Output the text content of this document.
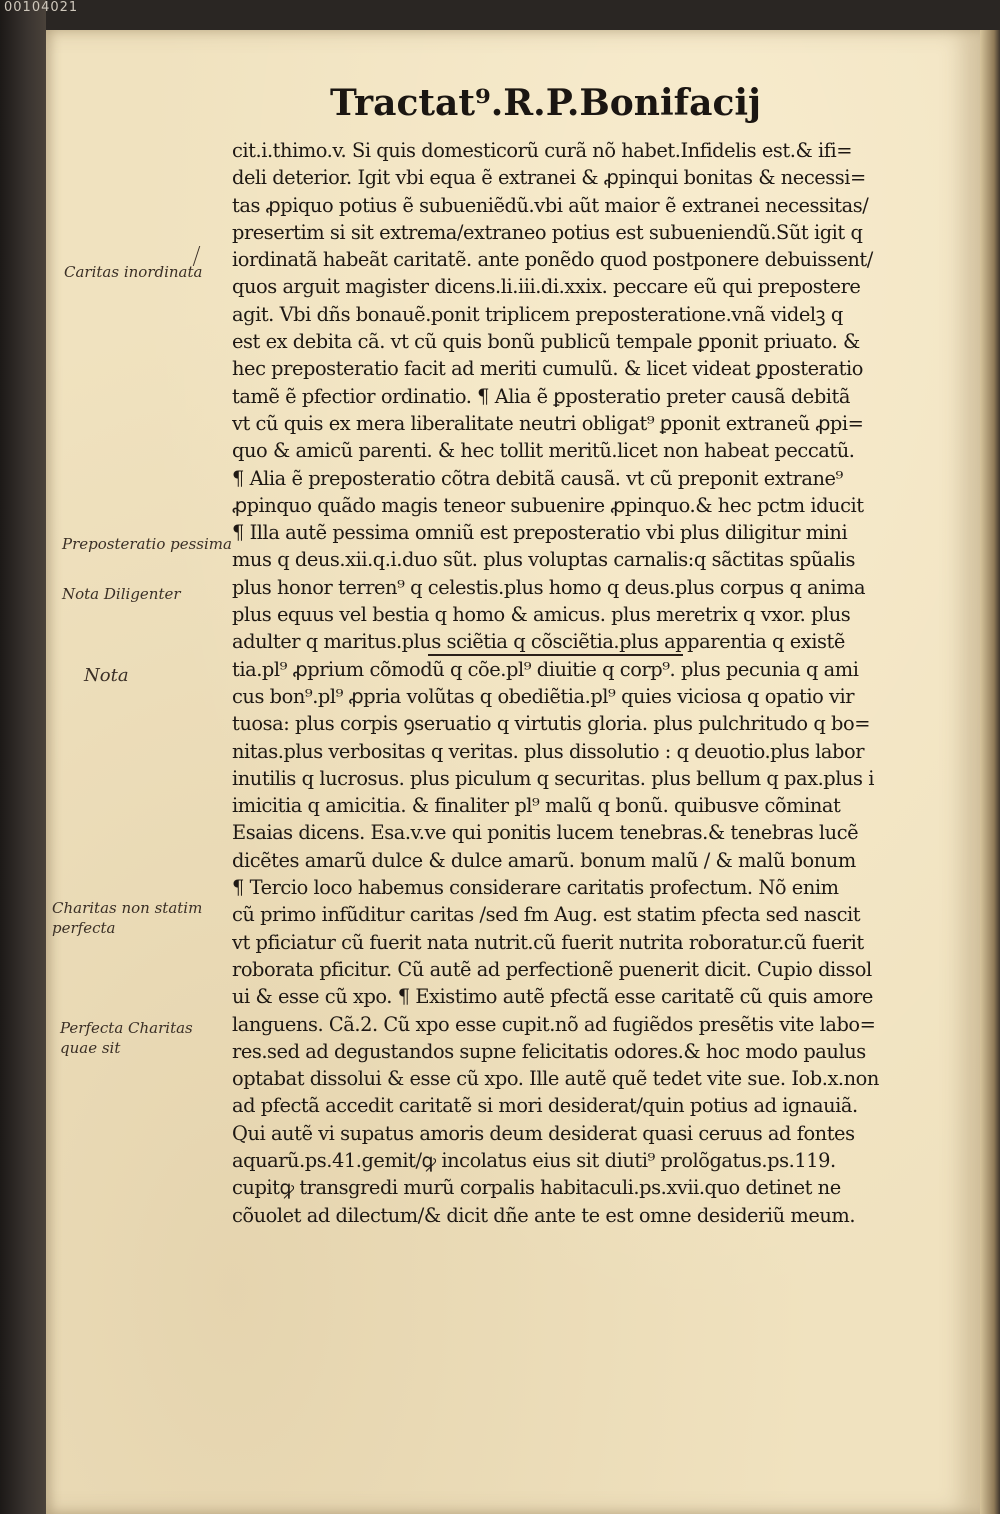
00104021
Tractat⁹.R.P.Bonifacij
cit.i.thimo.v. Si quis domesticorũ curã nõ habet.Infidelis est.& ifi=
deli deterior. Igit vbi equa ẽ extranei & ꝓpinqui bonitas & necessi=
tas ꝓpiquo potius ẽ subueniẽdũ.vbi aũt maior ẽ extranei necessitas/
presertim si sit extrema/extraneo potius est subueniendũ.Sũt igit q
iordinatã habeãt caritatẽ. ante ponẽdo quod postponere debuissent/
quos arguit magister dicens.li.iii.di.xxix. peccare eũ qui prepostere
agit. Vbi dñs bonauẽ.ponit triplicem preposteratione.vnã videlꝫ q
est ex debita cã. vt cũ quis bonũ publicũ tempale ꝑponit priuato. &
hec preposteratio facit ad meriti cumulũ. & licet videat ꝑposteratio
tamẽ ẽ pfectior ordinatio. ¶ Alia ẽ ꝑposteratio preter causã debitã
vt cũ quis ex mera liberalitate neutri obligat⁹ ꝑponit extraneũ ꝓpi=
quo & amicũ parenti. & hec tollit meritũ.licet non habeat peccatũ.
¶ Alia ẽ preposteratio cõtra debitã causã. vt cũ preponit extrane⁹
ꝓpinquo quãdo magis teneor subuenire ꝓpinquo.& hec pctm iducit
¶ Illa autẽ pessima omniũ est preposteratio vbi plus diligitur mini
mus q deus.xii.q.i.duo sũt. plus voluptas carnalis:q sãctitas spũalis
plus honor terren⁹ q celestis.plus homo q deus.plus corpus q anima
plus equus vel bestia q homo & amicus. plus meretrix q vxor. plus
adulter q maritus.plus sciẽtia q cõsciẽtia.plus apparentia q existẽ
tia.pl⁹ ꝓprium cõmodũ q cõe.pl⁹ diuitie q corp⁹. plus pecunia q ami
cus bon⁹.pl⁹ ꝓpria volũtas q obediẽtia.pl⁹ quies viciosa q opatio vir
tuosa: plus corpis ꝯseruatio q virtutis gloria. plus pulchritudo q bo=
nitas.plus verbositas q veritas. plus dissolutio : q deuotio.plus labor
inutilis q lucrosus. plus piculum q securitas. plus bellum q pax.plus i
imicitia q amicitia. & finaliter pl⁹ malũ q bonũ. quibusve cõminat
Esaias dicens. Esa.v.ve qui ponitis lucem tenebras.& tenebras lucẽ
dicẽtes amarũ dulce & dulce amarũ. bonum malũ / & malũ bonum
¶ Tercio loco habemus considerare caritatis profectum. Nõ enim
cũ primo infũditur caritas /sed fm Aug. est statim pfecta sed nascit
vt pficiatur cũ fuerit nata nutrit.cũ fuerit nutrita roboratur.cũ fuerit
roborata pficitur. Cũ autẽ ad perfectionẽ puenerit dicit. Cupio dissol
ui & esse cũ xpo. ¶ Existimo autẽ pfectã esse caritatẽ cũ quis amore
languens. Cã.2. Cũ xpo esse cupit.nõ ad fugiẽdos presẽtis vite labo=
res.sed ad degustandos supne felicitatis odores.& hoc modo paulus
optabat dissolui & esse cũ xpo. Ille autẽ quẽ tedet vite sue. Iob.x.non
ad pfectã accedit caritatẽ si mori desiderat/quin potius ad ignauiã.
Qui autẽ vi supatus amoris deum desiderat quasi ceruus ad fontes
aquarũ.ps.41.gemit/ꝙ incolatus eius sit diuti⁹ prolõgatus.ps.119.
cupitꝙ transgredi murũ corpalis habitaculi.ps.xvii.quo detinet ne
cõuolet ad dilectum/& dicit dñe ante te est omne desideriũ meum.
Caritas inordinata
Preposteratio pessima
Nota Diligenter
Nota
Charitas non statim perfecta
Perfecta Charitas quae sit
